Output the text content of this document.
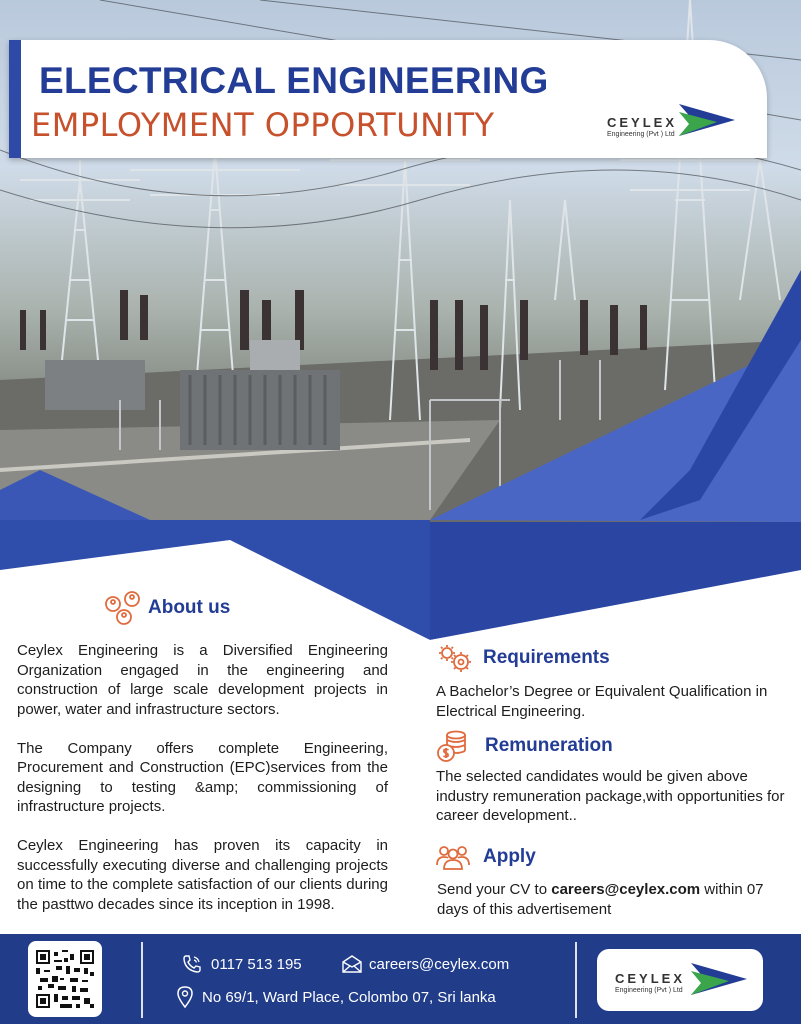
ELECTRICAL ENGINEERING
EMPLOYMENT OPPORTUNITY	CEYLEX
Engineering (Pvt ) Ltd
About us

Ceylex Engineering is a Diversified Engineering Organization engaged in the engineering and construction of large scale development projects in power, water and infrastructure sectors.

The Company offers complete Engineering, Procurement and Construction (EPC)services from the designing to testing &amp; commissioning of infrastructure projects.

Ceylex Engineering has proven its capacity in successfully executing diverse and challenging projects on time to the complete satisfaction of our clients during the pasttwo decades since its inception in 1998.

Requirements
A Bachelor’s Degree or Equivalent Qualification in Electrical Engineering.
Remuneration
The selected candidates would be given above industry remuneration package,with opportunities for career development..
Apply
Send your CV to careers@ceylex.com within 07 days of this advertisement
0117 513 195	careers@ceylex.com
No 69/1, Ward Place, Colombo 07, Sri lanka
CEYLEX
Engineering (Pvt ) Ltd
